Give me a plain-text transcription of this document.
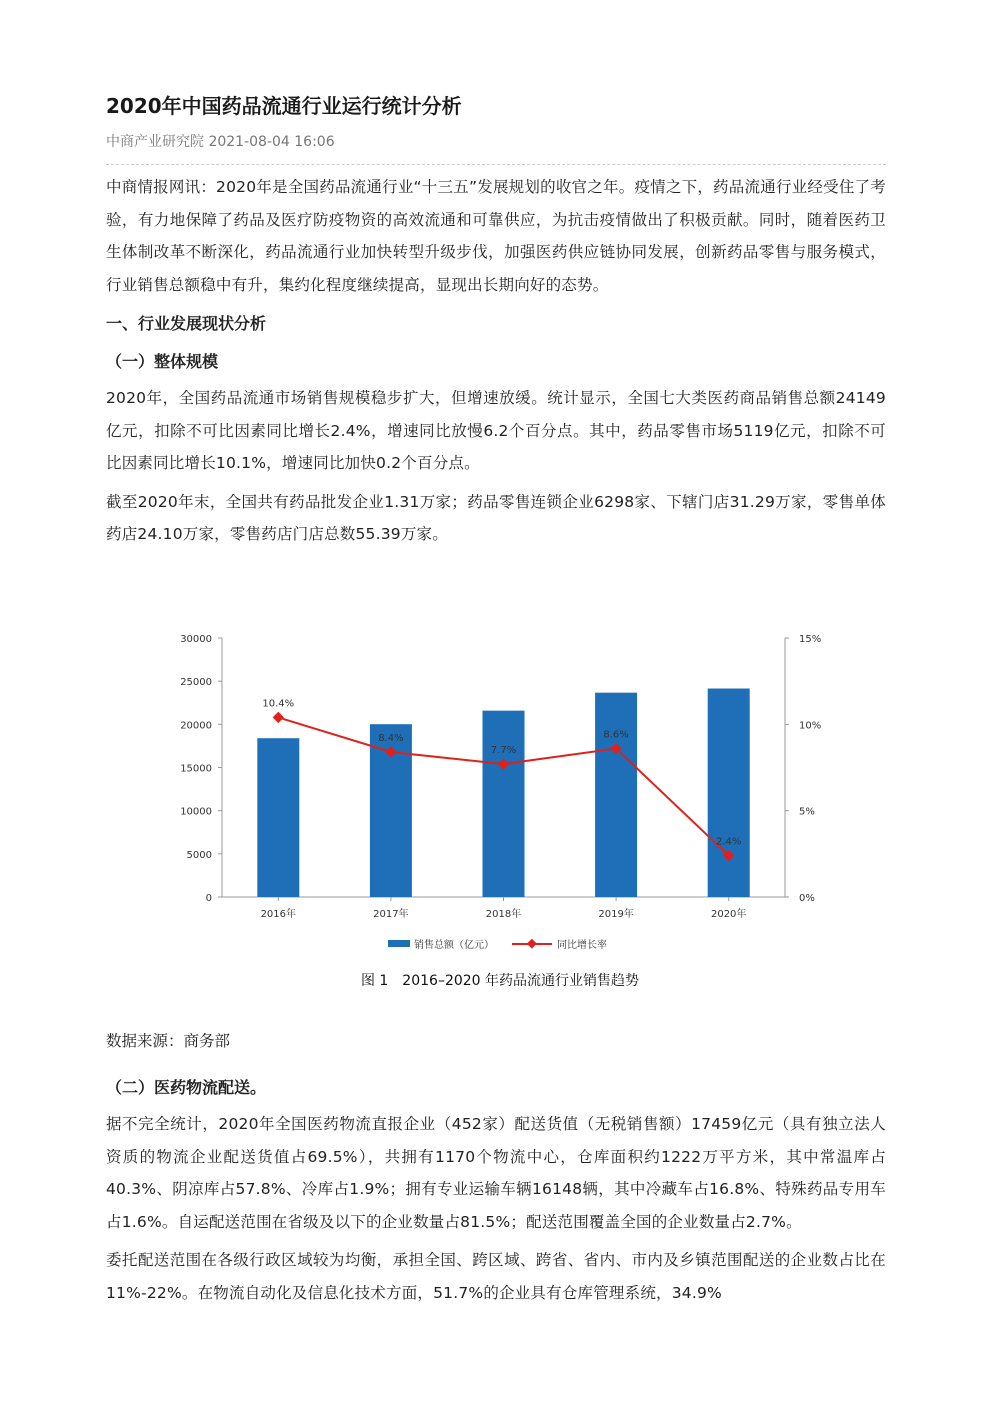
2020年中国药品流通行业运行统计分析
中商产业研究院 2021-08-04 16:06

中商情报网讯：2020年是全国药品流通行业“十三五”发展规划的收官之年。疫情之下，药品流通行业经受住了考验，有力地保障了药品及医疗防疫物资的高效流通和可靠供应，为抗击疫情做出了积极贡献。同时，随着医药卫生体制改革不断深化，药品流通行业加快转型升级步伐，加强医药供应链协同发展，创新药品零售与服务模式，行业销售总额稳中有升，集约化程度继续提高，显现出长期向好的态势。

一、行业发展现状分析
（一）整体规模

2020年，全国药品流通市场销售规模稳步扩大，但增速放缓。统计显示，全国七大类医药商品销售总额24149亿元，扣除不可比因素同比增长2.4%，增速同比放慢6.2个百分点。其中，药品零售市场5119亿元，扣除不可比因素同比增长10.1%，增速同比加快0.2个百分点。

截至2020年末，全国共有药品批发企业1.31万家；药品零售连锁企业6298家、下辖门店31.29万家，零售单体药店24.10万家，零售药店门店总数55.39万家。

0
5000
10000
15000
20000
25000
30000
0%
5%
10%
15%
2016年	2017年	2018年	2019年	2020年
10.4%
8.4%
7.7%
8.6%
2.4%
销售总额（亿元）	同比增长率
图 1　2016–2020 年药品流通行业销售趋势
数据来源：商务部
（二）医药物流配送。

据不完全统计，2020年全国医药物流直报企业（452家）配送货值（无税销售额）17459亿元（具有独立法人资质的物流企业配送货值占69.5%），共拥有1170个物流中心，仓库面积约1222万平方米，其中常温库占40.3%、阴凉库占57.8%、冷库占1.9%；拥有专业运输车辆16148辆，其中冷藏车占16.8%、特殊药品专用车占1.6%。自运配送范围在省级及以下的企业数量占81.5%；配送范围覆盖全国的企业数量占2.7%。

委托配送范围在各级行政区域较为均衡，承担全国、跨区域、跨省、省内、市内及乡镇范围配送的企业数占比在11%-22%。在物流自动化及信息化技术方面，51.7%的企业具有仓库管理系统，34.9%
